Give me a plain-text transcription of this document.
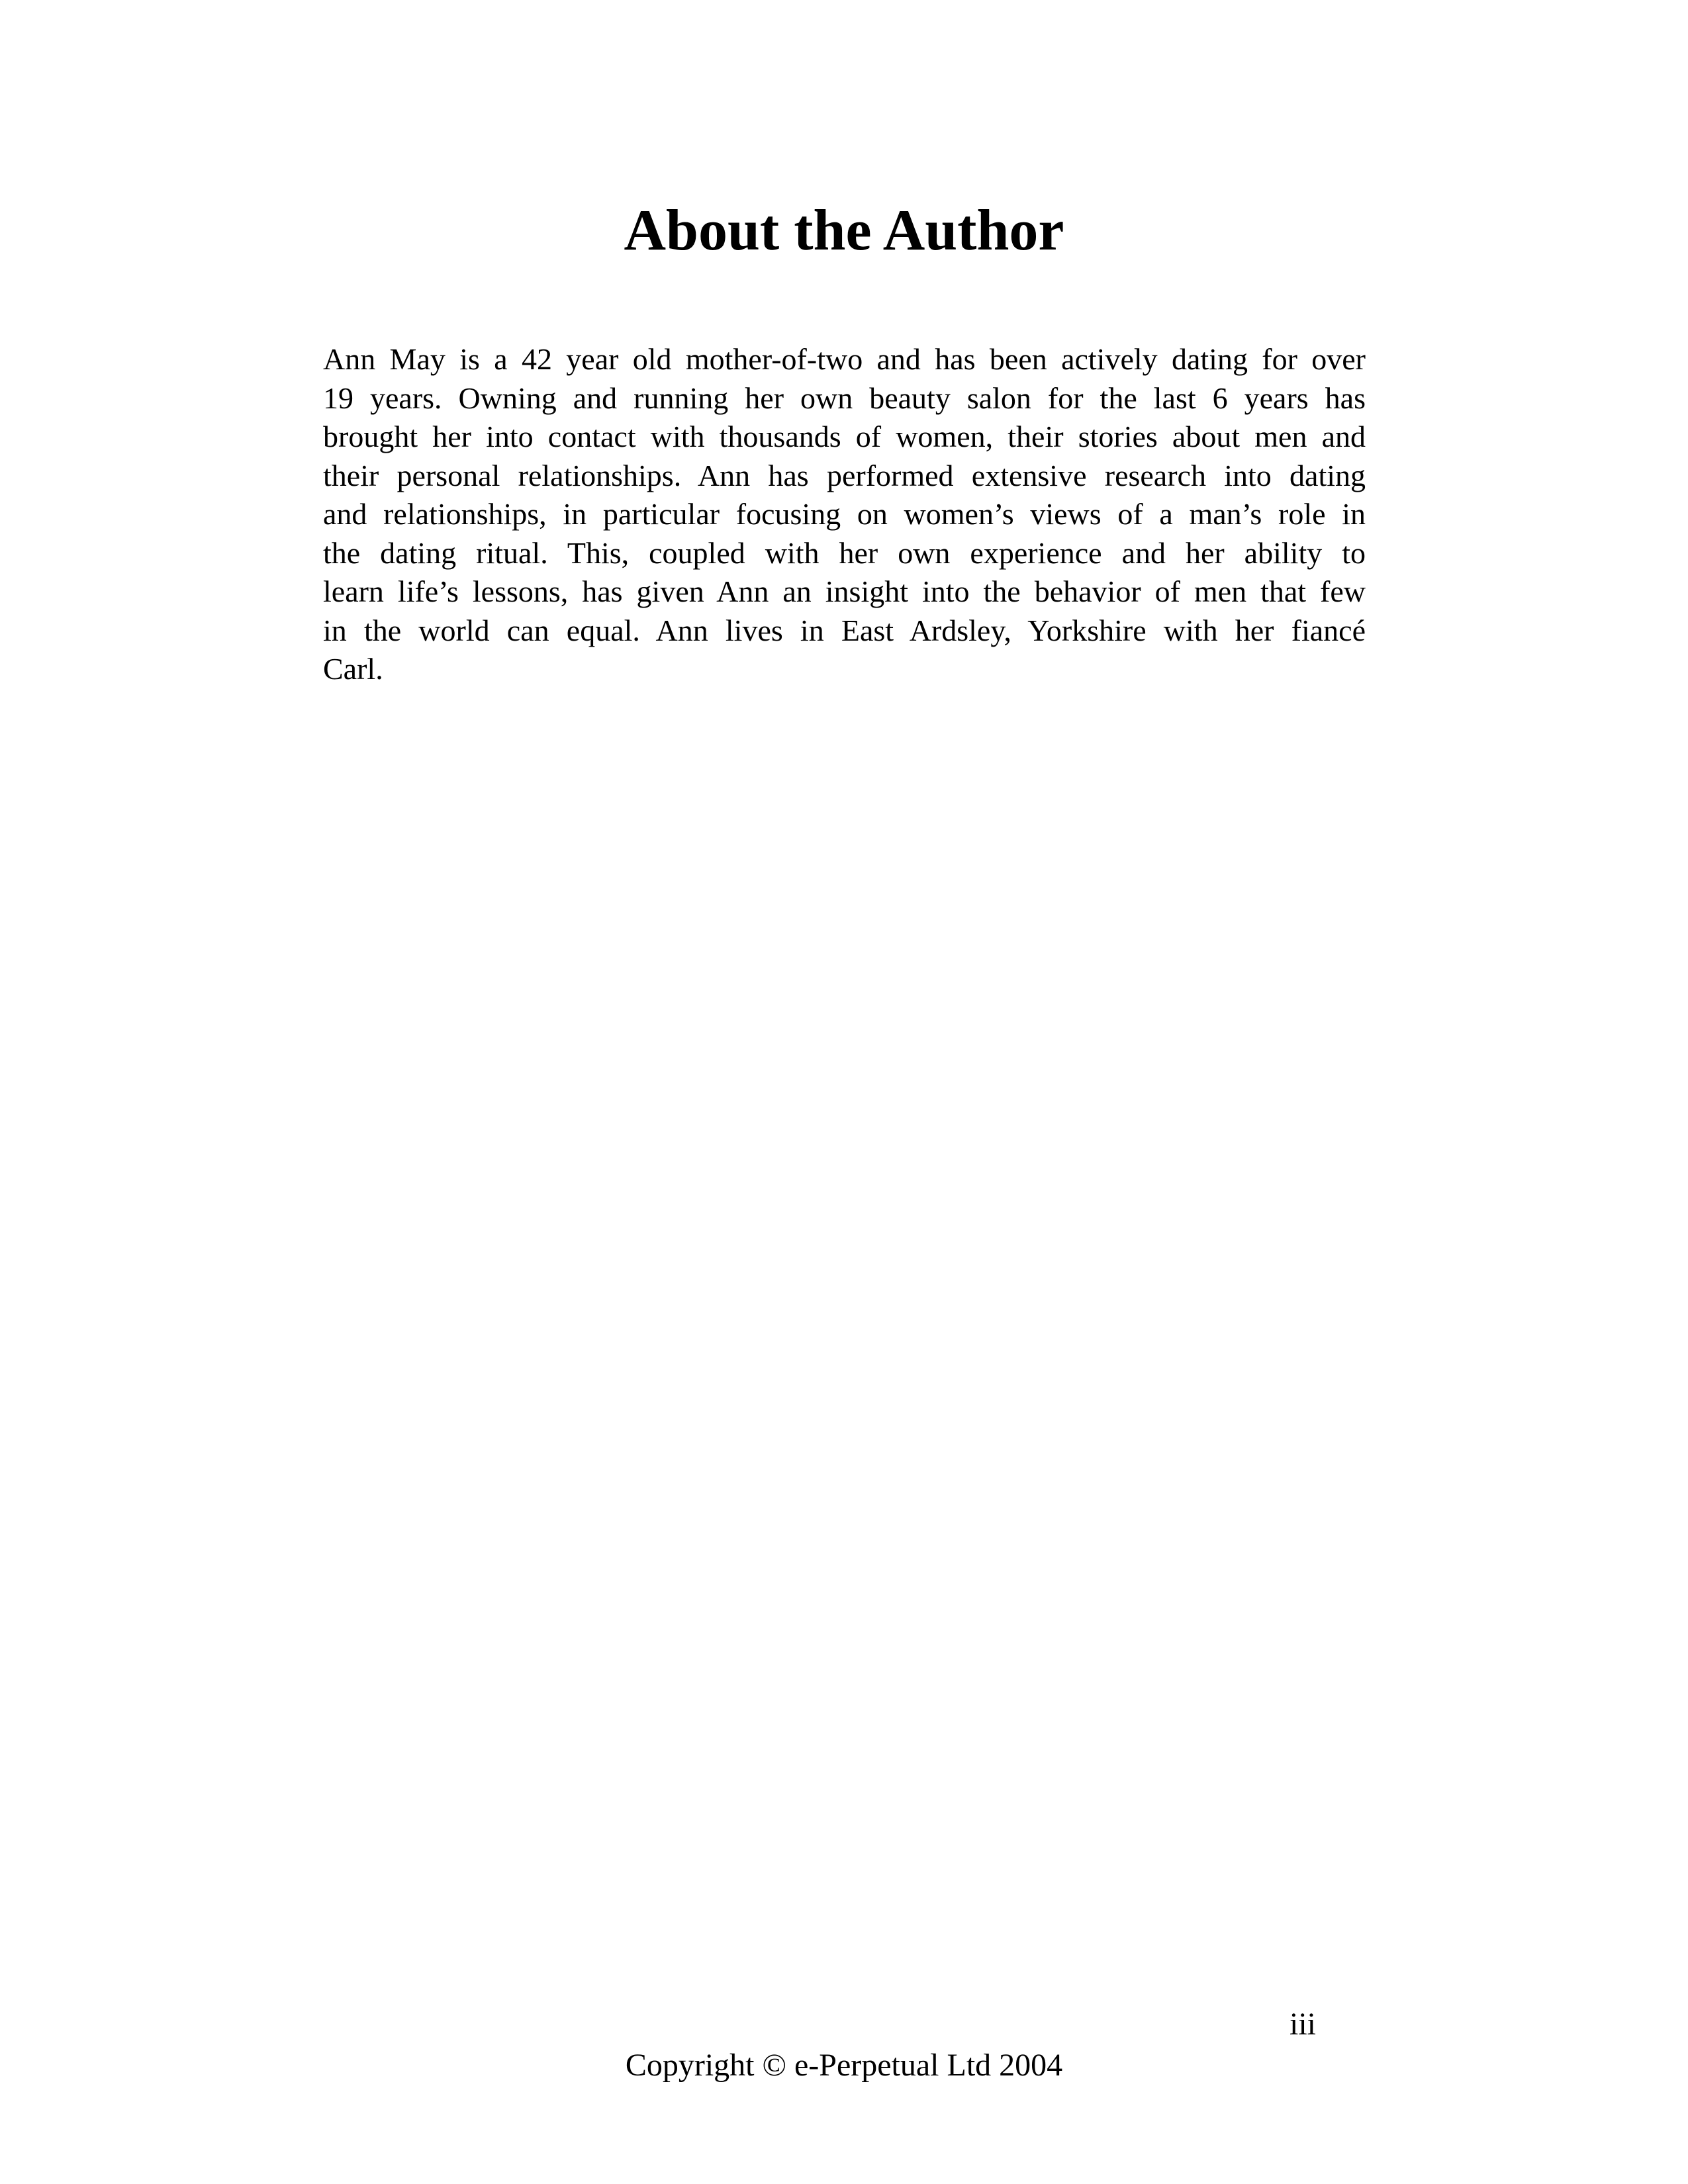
About the Author
Ann May is a 42 year old mother-of-two and has been actively dating for over
19 years. Owning and running her own beauty salon for the last 6 years has
brought her into contact with thousands of women, their stories about men and
their personal relationships. Ann has performed extensive research into dating
and relationships, in particular focusing on women’s views of a man’s role in
the dating ritual. This, coupled with her own experience and her ability to
learn life’s lessons, has given Ann an insight into the behavior of men that few
in the world can equal. Ann lives in East Ardsley, Yorkshire with her fiancé
Carl.
iii
Copyright © e-Perpetual Ltd 2004
